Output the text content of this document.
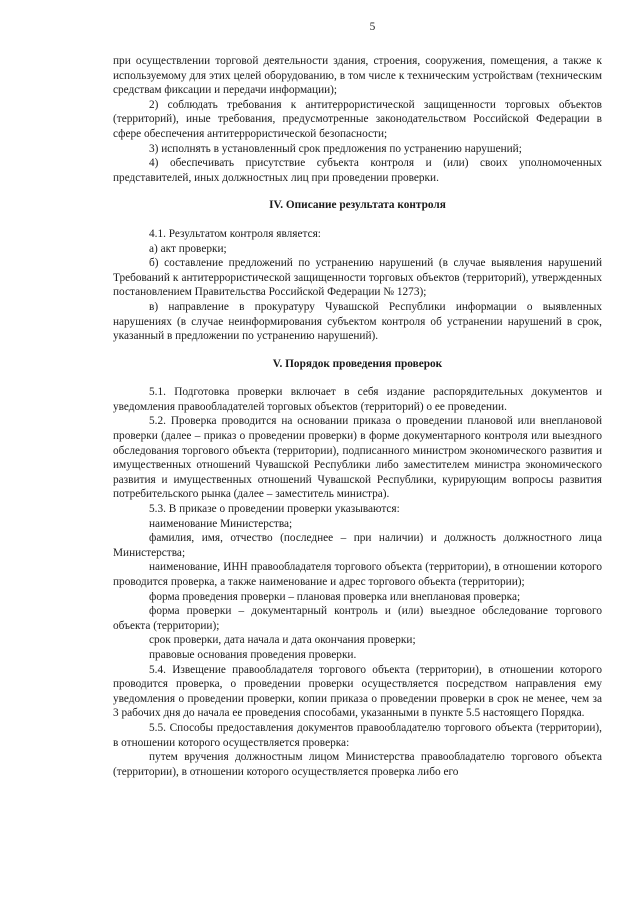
5

при осуществлении торговой деятельности здания, строения, сооружения, помещения, а также к используемому для этих целей оборудованию, в том числе к техническим устройствам (техническим средствам фиксации и передачи информации);

2) соблюдать требования к антитеррористической защищенности торговых объектов (территорий), иные требования, предусмотренные законодательством Российской Федерации в сфере обеспечения антитеррористической безопасности;

3) исполнять в установленный срок предложения по устранению нарушений;

4) обеспечивать присутствие субъекта контроля и (или) своих уполномоченных представителей, иных должностных лиц при проведении проверки.

IV. Описание результата контроля

4.1. Результатом контроля является:

а) акт проверки;

б) составление предложений по устранению нарушений (в случае выявления нарушений Требований к антитеррористической защищенности торговых объектов (территорий), утвержденных постановлением Правительства Российской Федерации № 1273);

в) направление в прокуратуру Чувашской Республики информации о выявленных нарушениях (в случае неинформирования субъектом контроля об устранении нарушений в срок, указанный в предложении по устранению нарушений).

V. Порядок проведения проверок

5.1. Подготовка проверки включает в себя издание распорядительных документов и уведомления правообладателей торговых объектов (территорий) о ее проведении.

5.2. Проверка проводится на основании приказа о проведении плановой или внеплановой проверки (далее – приказ о проведении проверки) в форме документарного контроля или выездного обследования торгового объекта (территории), подписанного министром экономического развития и имущественных отношений Чувашской Республики либо заместителем министра экономического развития и имущественных отношений Чувашской Республики, курирующим вопросы развития потребительского рынка (далее – заместитель министра).

5.3. В приказе о проведении проверки указываются:

наименование Министерства;

фамилия, имя, отчество (последнее – при наличии) и должность должностного лица Министерства;

наименование, ИНН правообладателя торгового объекта (территории), в отношении которого проводится проверка, а также наименование и адрес торгового объекта (территории);

форма проведения проверки – плановая проверка или внеплановая проверка;

форма проверки – документарный контроль и (или) выездное обследование торгового объекта (территории);

срок проверки, дата начала и дата окончания проверки;

правовые основания проведения проверки.

5.4. Извещение правообладателя торгового объекта (территории), в отношении которого проводится проверка, о проведении проверки осуществляется посредством направления ему уведомления о проведении проверки, копии приказа о проведении проверки в срок не менее, чем за 3 рабочих дня до начала ее проведения способами, указанными в пункте 5.5 настоящего Порядка.

5.5. Способы предоставления документов правообладателю торгового объекта (территории), в отношении которого осуществляется проверка:

путем вручения должностным лицом Министерства правообладателю торгового объекта (территории), в отношении которого осуществляется проверка либо его
